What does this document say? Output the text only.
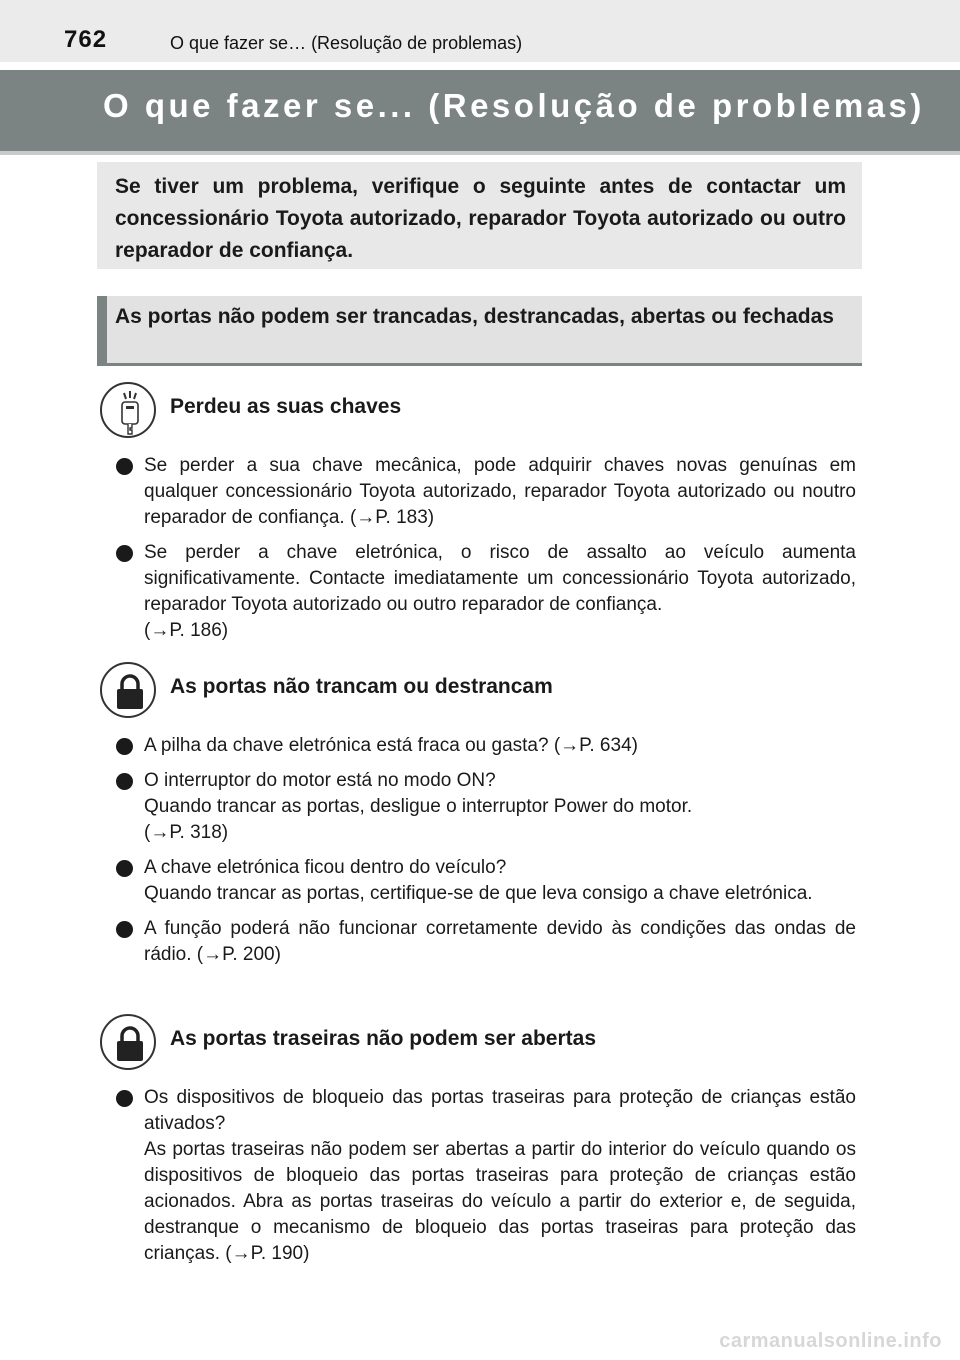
762	O que fazer se… (Resolução de problemas)
O que fazer se... (Resolução de problemas)
Se tiver um problema, verifique o seguinte antes de contactar um concessionário Toyota autorizado, reparador Toyota autorizado ou outro reparador de confiança.
As portas não podem ser trancadas, destrancadas, abertas ou fechadas
Perdeu as suas chaves
Se perder a sua chave mecânica, pode adquirir chaves novas genuínas em qualquer concessionário Toyota autorizado, reparador Toyota autorizado ou noutro reparador de confiança. (→P. 183)
Se perder a chave eletrónica, o risco de assalto ao veículo aumenta significativamente. Contacte imediatamente um concessionário Toyota autorizado, reparador Toyota autorizado ou outro reparador de confiança.
(→P. 186)
As portas não trancam ou destrancam
A pilha da chave eletrónica está fraca ou gasta? (→P. 634)
O interruptor do motor está no modo ON?
Quando trancar as portas, desligue o interruptor Power do motor.
(→P. 318)
A chave eletrónica ficou dentro do veículo?
Quando trancar as portas, certifique-se de que leva consigo a chave eletrónica.
A função poderá não funcionar corretamente devido às condições das ondas de rádio. (→P. 200)
As portas traseiras não podem ser abertas
Os dispositivos de bloqueio das portas traseiras para proteção de crianças estão ativados?
As portas traseiras não podem ser abertas a partir do interior do veículo quando os dispositivos de bloqueio das portas traseiras para proteção de crianças estão acionados. Abra as portas traseiras do veículo a partir do exterior e, de seguida, destranque o mecanismo de bloqueio das portas traseiras para proteção das crianças. (→P. 190)
carmanualsonline.info
